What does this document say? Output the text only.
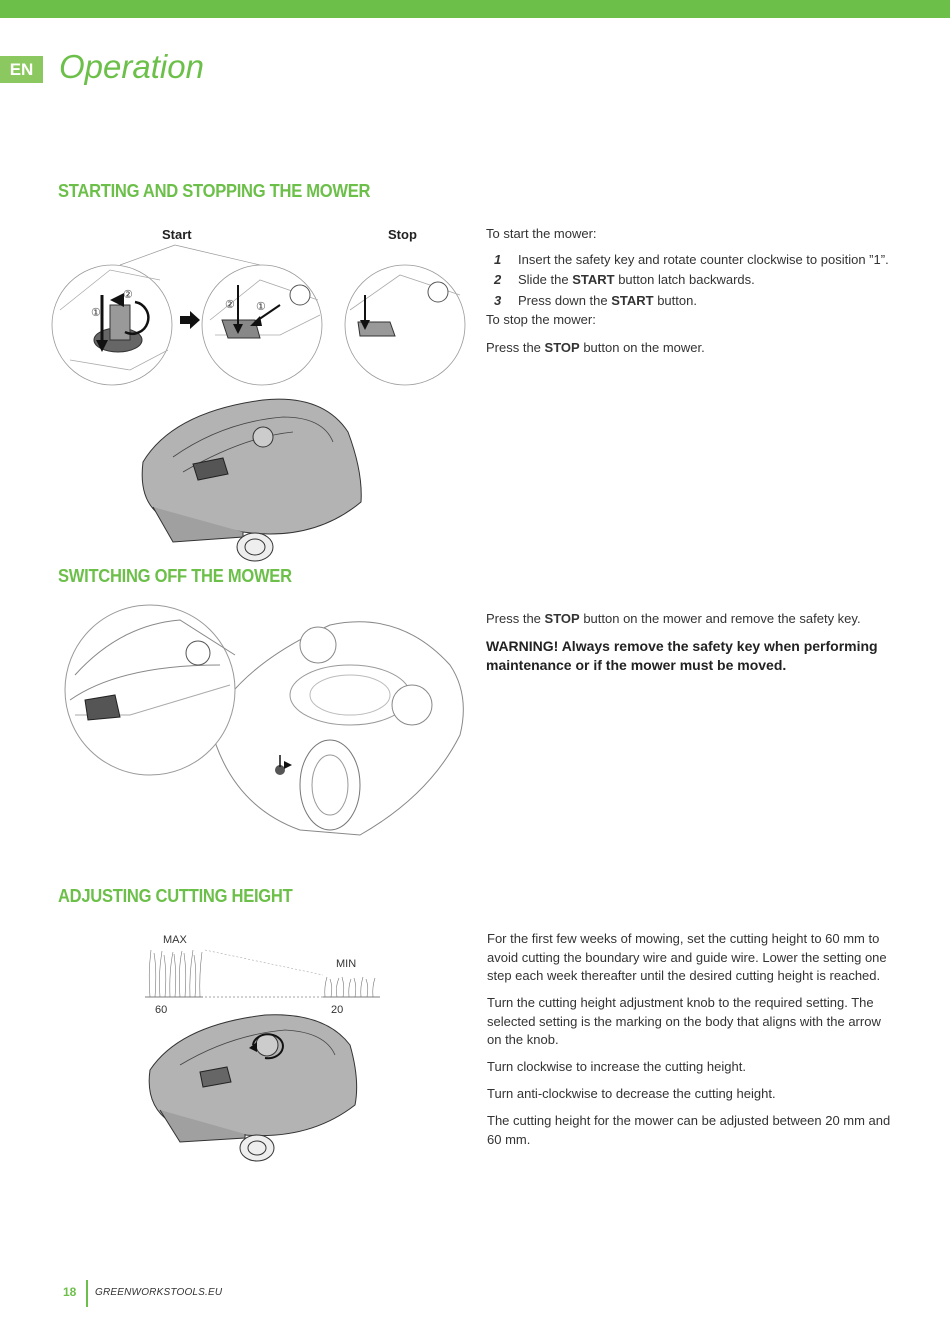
EN Operation
STARTING AND STOPPING THE MOWER
Start	Stop
①
②
② ①

To start the mower:

1 Insert the safety key and rotate counter clockwise to position ”1”.
2 Slide the START button latch backwards.
3 Press down the START button.

To stop the mower:

Press the STOP button on the mower.

SWITCHING OFF THE MOWER

Press the STOP button on the mower and remove the safety key.

WARNING! Always remove the safety key when performing maintenance or if the mower must be moved.

ADJUSTING CUTTING HEIGHT
MAX
MIN
60	20

For the first few weeks of mowing, set the cutting height to 60 mm to avoid cutting the boundary wire and guide wire. Lower the setting one step each week thereafter until the desired cutting height is reached.

Turn the cutting height adjustment knob to the required setting. The selected setting is the marking on the body that aligns with the arrow on the knob.

Turn clockwise to increase the cutting height.

Turn anti-clockwise to decrease the cutting height.

The cutting height for the mower can be adjusted between 20 mm and 60 mm.

18 GREENWORKSTOOLS.EU
